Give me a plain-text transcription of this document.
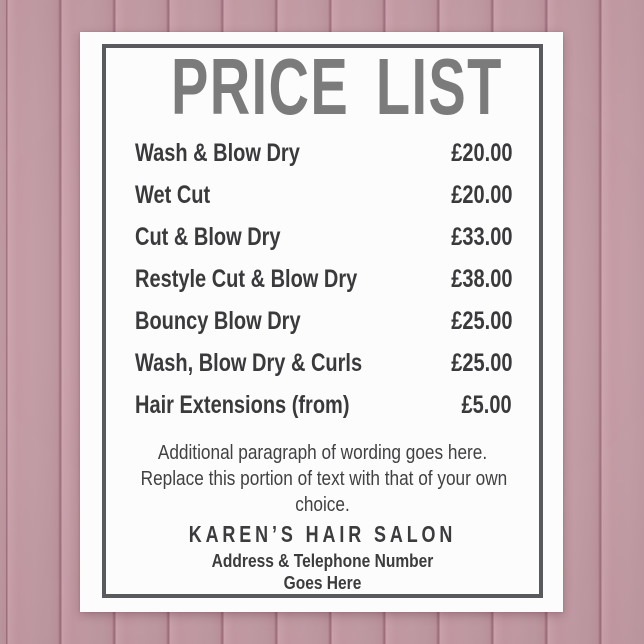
PRICE LIST
Wash & Blow Dry	£20.00
Wet Cut	£20.00
Cut & Blow Dry	£33.00
Restyle Cut & Blow Dry	£38.00
Bouncy Blow Dry	£25.00
Wash, Blow Dry & Curls	£25.00
Hair Extensions (from)	£5.00
Additional paragraph of wording goes here.
Replace this portion of text with that of your own
choice.
KAREN’S HAIR SALON
Address & Telephone Number
Goes Here
